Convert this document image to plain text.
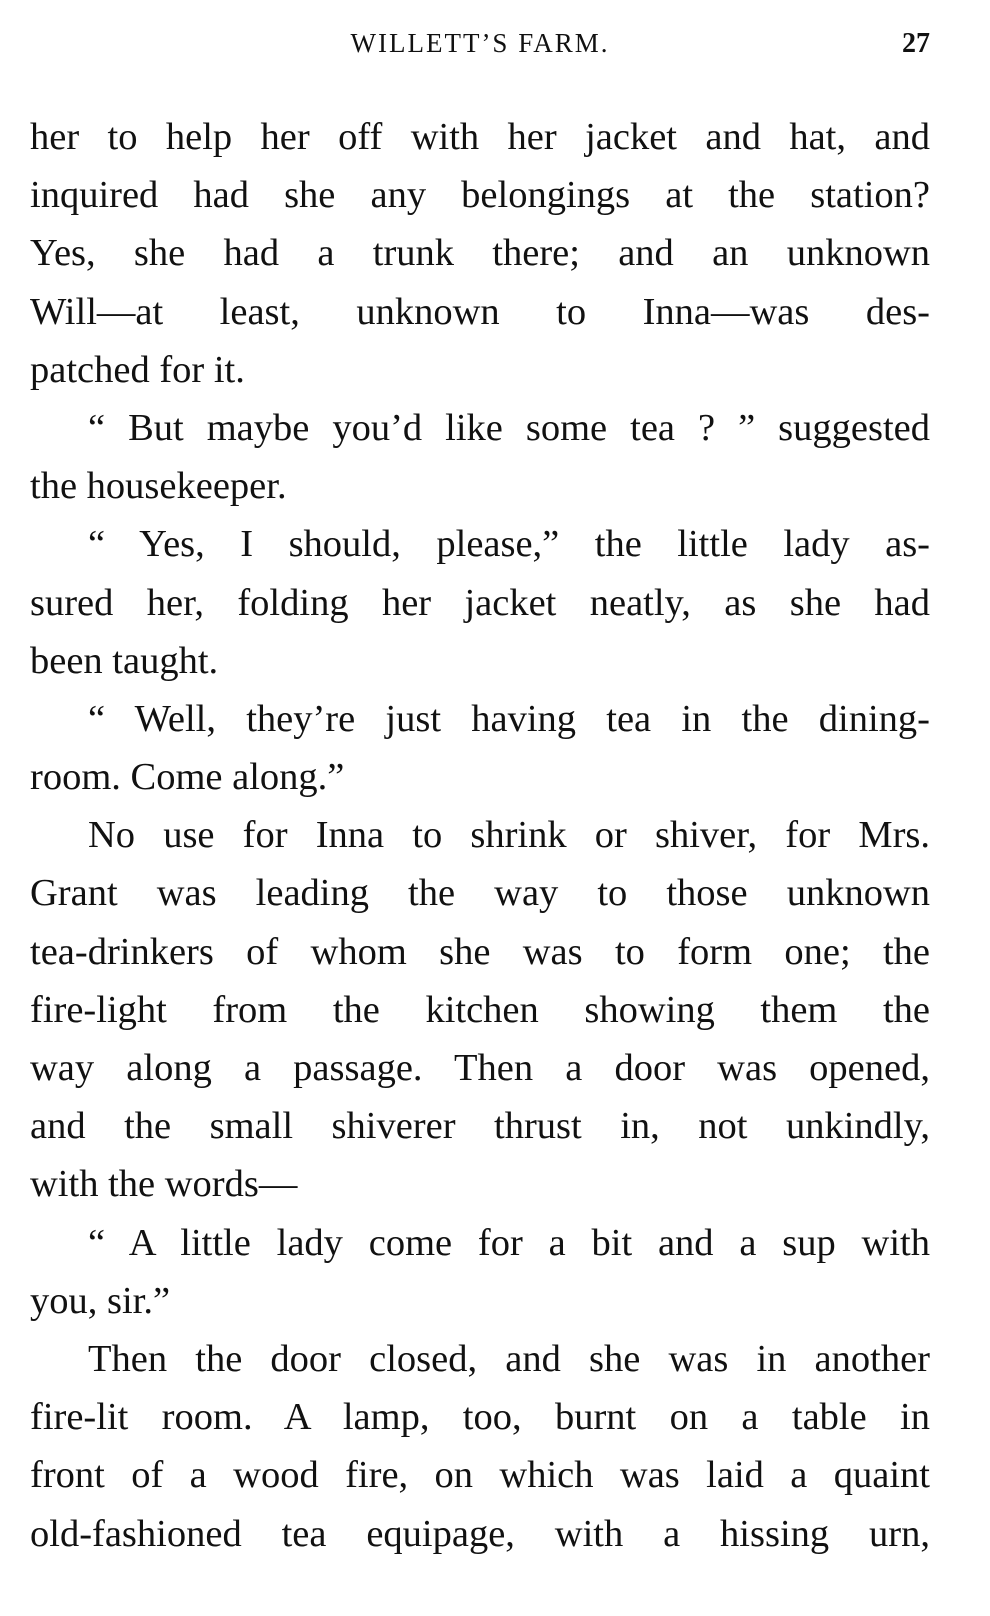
WILLETT’S FARM.	27
her to help her off with her jacket and hat, and
inquired had she any belongings at the station?
Yes, she had a trunk there; and an unknown
Will—at least, unknown to Inna—was des-
patched for it.
“ But maybe you’d like some tea ? ” suggested
the housekeeper.
“ Yes, I should, please,” the little lady as-
sured her, folding her jacket neatly, as she had
been taught.
“ Well, they’re just having tea in the dining-
room. Come along.”
No use for Inna to shrink or shiver, for Mrs.
Grant was leading the way to those unknown
tea-drinkers of whom she was to form one; the
fire-light from the kitchen showing them the
way along a passage. Then a door was opened,
and the small shiverer thrust in, not unkindly,
with the words—
“ A little lady come for a bit and a sup with
you, sir.”
Then the door closed, and she was in another
fire-lit room. A lamp, too, burnt on a table in
front of a wood fire, on which was laid a quaint
old-fashioned tea equipage, with a hissing urn,
